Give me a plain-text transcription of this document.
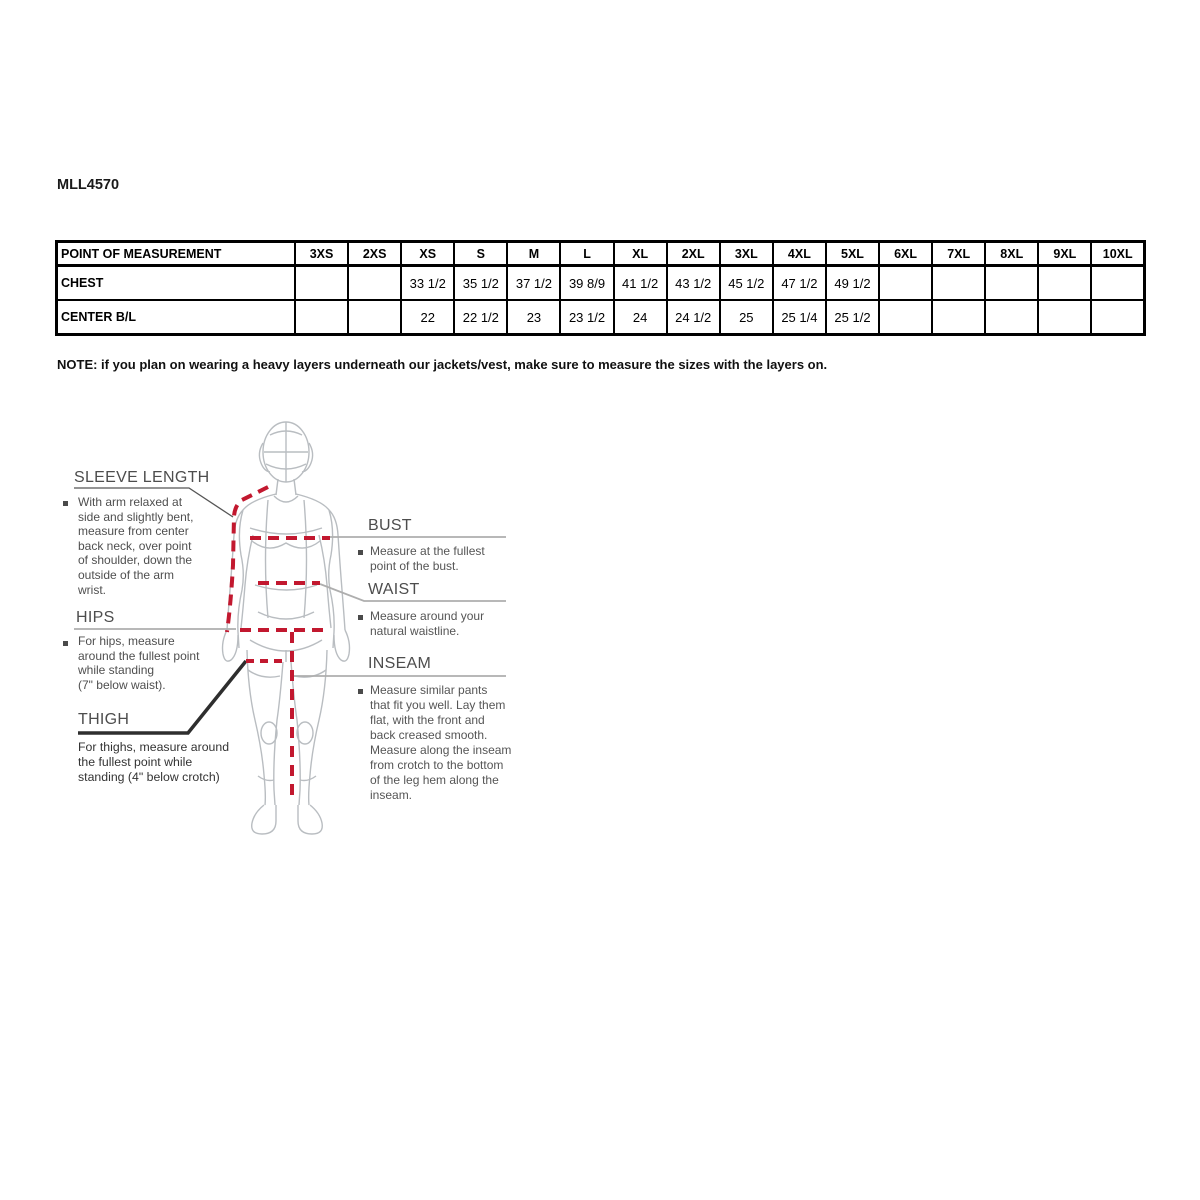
MLL4570
POINT OF MEASUREMENT	3XS	2XS	XS	S	M	L	XL	2XL	3XL	4XL	5XL	6XL	7XL	8XL	9XL	10XL
CHEST			33 1/2	35 1/2	37 1/2	39 8/9	41 1/2	43 1/2	45 1/2	47 1/2	49 1/2					
CENTER B/L			22	22 1/2	23	23 1/2	24	24 1/2	25	25 1/4	25 1/2					
NOTE: if you plan on wearing a heavy layers underneath our jackets/vest, make sure to measure the sizes with the layers on.
SLEEVE LENGTH
With arm relaxed at
side and slightly bent,
measure from center
back neck, over point
of shoulder, down the
outside of the arm
wrist.
HIPS
For hips, measure
around the fullest point
while standing
(7" below waist).
THIGH
For thighs, measure around
the fullest point while
standing (4" below crotch)
BUST
Measure at the fullest
point of the bust.
WAIST
Measure around your
natural waistline.
INSEAM
Measure similar pants
that fit you well. Lay them
flat, with the front and
back creased smooth.
Measure along the inseam
from crotch to the bottom
of the leg hem along the
inseam.
